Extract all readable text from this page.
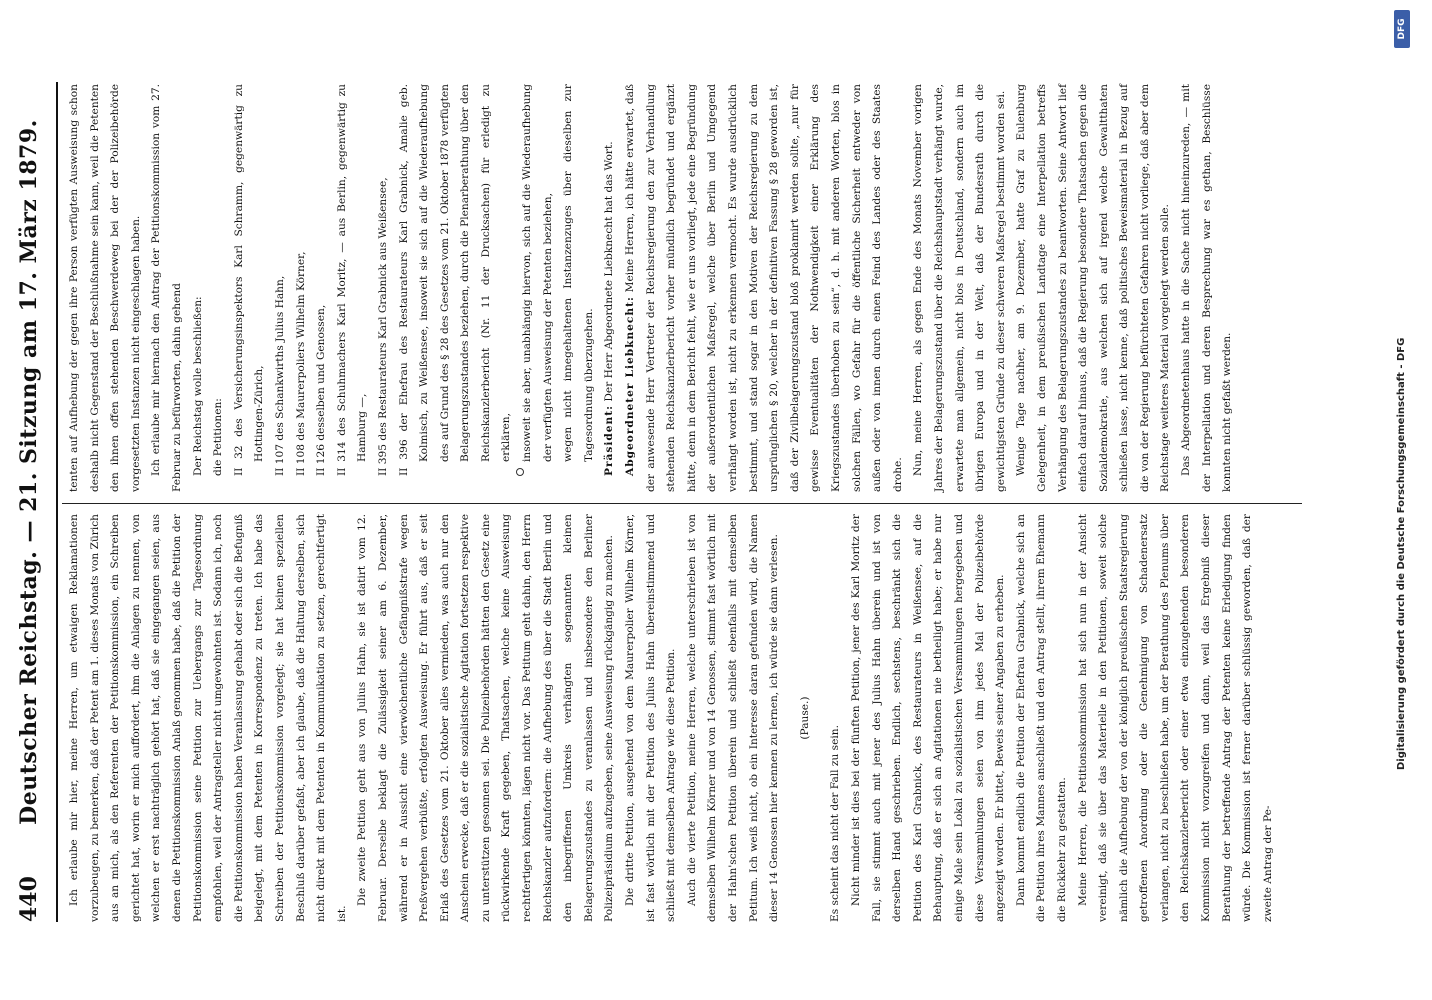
440
Deutscher Reichstag. — 21. Sitzung am 17. März 1879.	Ich erlaube mir hier, meine Herren, um etwaigen Reklamationen vorzubeugen, zu bemerken, daß der Petent am 1. dieses Monats von Zürich aus an mich, als den Referenten der Petitionskommission, ein Schreiben gerichtet hat, worin er mich auffordert, ihm die Anlagen zu nennen, von welchen er erst nachträglich gehört hat, daß sie eingegangen seien, aus denen die Petitionskommission Anlaß genommen habe, daß die Petition der Petitionskommission seine Petition zur Uebergangs zur Tagesordnung empfohlen, weil der Antragsteller nicht umgewohnten ist. Sodann ich, noch die Petitionskommission haben Veranlassung gehabt oder sich die Befugniß beigelegt, mit dem Petenten in Korrespondenz zu treten. Ich habe das Schreiben der Petitionskommission vorgelegt; sie hat keinen speziellen Beschluß darüber gefaßt, aber ich glaube, daß die Haltung derselben, sich nicht direkt mit dem Petenten in Kommunikation zu setzen, gerechtfertigt ist.

Die zweite Petition geht aus von Julius Hahn, sie ist datirt vom 12. Februar. Derselbe beklagt die Zulässigkeit seiner am 6. Dezember, während er in Aussicht eine vierwöchentliche Gefängnißstrafe wegen Preßvergehen verbüßte, erfolgten Ausweisung. Er führt aus, daß er seit Erlaß des Gesetzes vom 21. Oktober alles vermieden, was auch nur den Anschein erwecke, daß er die sozialistische Agitation fortsetzen respektive zu unterstützen gesonnen sei. Die Polizeibehörden hätten den Gesetz eine rückwirkende Kraft gegeben, Thatsachen, welche keine Ausweisung rechtfertigen könnten, lägen nicht vor. Das Petitum geht dahin, den Herrn Reichskanzler aufzufordern: die Aufhebung des über die Stadt Berlin und den inbegriffenen Umkreis verhängten sogenannten kleinen Belagerungszustandes zu veranlassen und insbesondere den Berliner Polizeipräsidium aufzugeben, seine Ausweisung rückgängig zu machen. Die dritte Petition, ausgehend von dem Maurerpolier Wilhelm Körner, ist fast wörtlich mit der Petition des Julius Hahn übereinstimmend und schließt mit demselben Antrage wie diese Petition. Auch die vierte Petition, meine Herren, welche unterschrieben ist von demselben Wilhelm Körner und von 14 Genossen, stimmt fast wörtlich mit der Hahn'schen Petition überein und schließt ebenfalls mit demselben Petitum. Ich weiß nicht, ob ein Interesse daran gefunden wird, die Namen dieser 14 Genossen hier kennen zu lernen, ich würde sie dann verlesen.	(Pause.)

Es scheint das nicht der Fall zu sein. Nicht minder ist dies bei der fünften Petition, jener des Karl Moritz der Fall, sie stimmt auch mit jener des Julius Hahn überein und ist von derselben Hand geschrieben. Endlich, sechstens, beschränkt sich die Petition des Karl Grabnick, des Restaurateurs in Weißensee, auf die Behauptung, daß er sich an Agitationen nie betheiligt habe; er habe nur einige Male sein Lokal zu sozialistischen Versammlungen hergegeben und diese Versammlungen seien von ihm jedes Mal der Polizeibehörde angezeigt worden. Er bittet, Beweis seiner Angaben zu erheben. Dann kommt endlich die Petition der Ehefrau Grabnick, welche sich an die Petition ihres Mannes anschließt und den Antrag stellt, ihrem Ehemann die Rückkehr zu gestatten. Meine Herren, die Petitionskommission hat sich nun in der Ansicht vereinigt, daß sie über das Materielle in den Petitionen, soweit solche nämlich die Aufhebung der von der königlich preußischen Staatsregierung getroffenen Anordnung oder die Genehmigung von Schadenersatz verlangen, nicht zu beschließen habe, um der Berathung des Plenums über den Reichskanzlerbericht oder einer etwa einzugehenden besonderen Kommission nicht vorzugreifen und dann, weil das Ergebniß dieser Berathung der betreffende Antrag der Petenten keine Erledigung finden würde. Die Kommission ist ferner darüber schlüssig geworden, daß der zweite Antrag der Pe-

tenten auf Aufhebung der gegen ihre Person verfügten Ausweisung schon deshalb nicht Gegenstand der Beschlußnahme sein kann, weil die Petenten den ihnen offen stehenden Beschwerdeweg bei der der Polizeibehörde vorgesetzten Instanzen nicht eingeschlagen haben. Ich erlaube mir hiernach den Antrag der Petitionskommission vom 27. Februar zu befürworten, dahin gehend Der Reichstag wolle beschließen: die Petitionen: II 32 des Versicherungsinspektors Karl Schramm, gegenwärtig zu Hottingen-Zürich, II 107 des Schankwirths Julius Hahn, II 108 des Maurerpoliers Wilhelm Körner, II 126 desselben und Genossen, II 314 des Schuhmachers Karl Moritz, — aus Berlin, gegenwärtig zu Hamburg —, II 395 des Restaurateurs Karl Grabnick aus Weißensee, II 396 der Ehefrau des Restaurateurs Karl Grabnick, Amalie geb. Kolmisch, zu Weißensee, insoweit sie sich auf die Wiederaufhebung des auf Grund des § 28 des Gesetzes vom 21. Oktober 1878 verfügten Belagerungszustandes beziehen, durch die Plenarberathung über den Reichskanzlerbericht (Nr. 11 der Drucksachen) für erledigt zu erklären, insoweit sie aber, unabhängig hiervon, sich auf die Wiederaufhebung der verfügten Ausweisung der Petenten beziehen, wegen nicht innegehaltenen Instanzenzuges über dieselben zur Tagesordnung überzugehen. Präsident: Der Herr Abgeordnete Liebknecht hat das Wort. Abgeordneter Liebknecht: Meine Herren, ich hätte erwartet, daß der anwesende Herr Vertreter der Reichsregierung den zur Verhandlung stehenden Reichskanzlerbericht vorher mündlich begründet und ergänzt hätte, denn in dem Bericht fehlt, wie er uns vorliegt, jede eine Begründung der außerordentlichen Maßregel, welche über Berlin und Umgegend verhängt worden ist, nicht zu erkennen vermocht. Es wurde ausdrücklich bestimmt, und stand sogar in den Motiven der Reichsregierung zu dem ursprünglichen § 20, welcher in der definitiven Fassung § 28 geworden ist, daß der Zivilbelagerungszustand bloß proklamirt werden sollte, „nur für gewisse Eventualitäten der Nothwendigkeit einer Erklärung des Kriegszustandes überhoben zu sein“, d. h. mit anderen Worten, blos in solchen Fällen, wo Gefahr für die öffentliche Sicherheit entweder von außen oder von innen durch einen Feind des Landes oder des Staates drohe. Nun, meine Herren, als gegen Ende des Monats November vorigen Jahres der Belagerungszustand über die Reichshauptstadt verhängt wurde, erwartete man allgemein, nicht blos in Deutschland, sondern auch im übrigen Europa und in der Welt, daß der Bundesrath durch die gewichtigsten Gründe zu dieser schweren Maßregel bestimmt worden sei. Wenige Tage nachher, am 9. Dezember, hatte Graf zu Eulenburg Gelegenheit, in dem preußischen Landtage eine Interpellation betreffs Verhängung des Belagerungszustandes zu beantworten. Seine Antwort lief einfach darauf hinaus, daß die Regierung besondere Thatsachen gegen die Sozialdemokratie, aus welchen sich auf irgend welche Gewaltthaten schließen lasse, nicht kenne, daß politisches Beweismaterial in Bezug auf die von der Regierung befürchteten Gefahren nicht vorliege, daß aber dem Reichstage weiteres Material vorgelegt werden solle. Das Abgeordnetenhaus hatte in die Sache nicht hineinzureden, — mit der Interpellation und deren Besprechung war es gethan, Beschlüsse konnten nicht gefaßt werden.	Digitalisierung gefördert durch die Deutsche Forschungsgemeinschaft - DFG
DFG
